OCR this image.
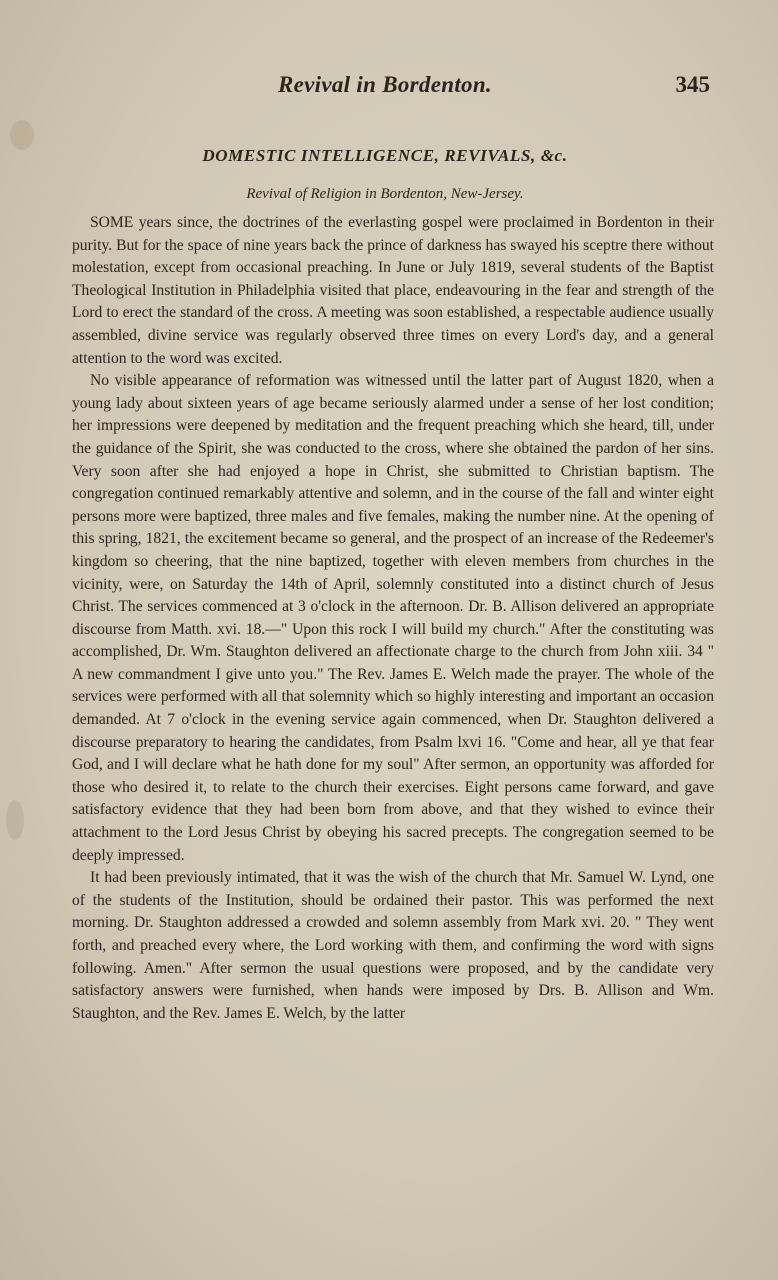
Revival in Bordenton.	345
DOMESTIC INTELLIGENCE, REVIVALS, &c.
Revival of Religion in Bordenton, New-Jersey.

SOME years since, the doctrines of the everlasting gospel were proclaimed in Bordenton in their purity. But for the space of nine years back the prince of darkness has swayed his sceptre there without molestation, except from occasional preaching. In June or July 1819, several students of the Baptist Theological Institution in Philadelphia visited that place, endeavouring in the fear and strength of the Lord to erect the standard of the cross. A meeting was soon established, a respectable audience usually assembled, divine service was regularly observed three times on every Lord's day, and a general attention to the word was excited.

No visible appearance of reformation was witnessed until the latter part of August 1820, when a young lady about sixteen years of age became seriously alarmed under a sense of her lost condition; her impressions were deepened by meditation and the frequent preaching which she heard, till, under the guidance of the Spirit, she was conducted to the cross, where she obtained the pardon of her sins. Very soon after she had enjoyed a hope in Christ, she submitted to Christian baptism. The congregation continued remarkably attentive and solemn, and in the course of the fall and winter eight persons more were baptized, three males and five females, making the number nine. At the opening of this spring, 1821, the excitement became so general, and the prospect of an increase of the Redeemer's kingdom so cheering, that the nine baptized, together with eleven members from churches in the vicinity, were, on Saturday the 14th of April, solemnly constituted into a distinct church of Jesus Christ. The services commenced at 3 o'clock in the afternoon. Dr. B. Allison delivered an appropriate discourse from Matth. xvi. 18.—" Upon this rock I will build my church." After the constituting was accomplished, Dr. Wm. Staughton delivered an affectionate charge to the church from John xiii. 34 " A new commandment I give unto you." The Rev. James E. Welch made the prayer. The whole of the services were performed with all that solemnity which so highly interesting and important an occasion demanded. At 7 o'clock in the evening service again commenced, when Dr. Staughton delivered a discourse preparatory to hearing the candidates, from Psalm lxvi 16. "Come and hear, all ye that fear God, and I will declare what he hath done for my soul" After sermon, an opportunity was afforded for those who desired it, to relate to the church their exercises. Eight persons came forward, and gave satisfactory evidence that they had been born from above, and that they wished to evince their attachment to the Lord Jesus Christ by obeying his sacred precepts. The congregation seemed to be deeply impressed.

It had been previously intimated, that it was the wish of the church that Mr. Samuel W. Lynd, one of the students of the Institution, should be ordained their pastor. This was performed the next morning. Dr. Staughton addressed a crowded and solemn assembly from Mark xvi. 20. " They went forth, and preached every where, the Lord working with them, and confirming the word with signs following. Amen." After sermon the usual questions were proposed, and by the candidate very satisfactory answers were furnished, when hands were imposed by Drs. B. Allison and Wm. Staughton, and the Rev. James E. Welch, by the latter
